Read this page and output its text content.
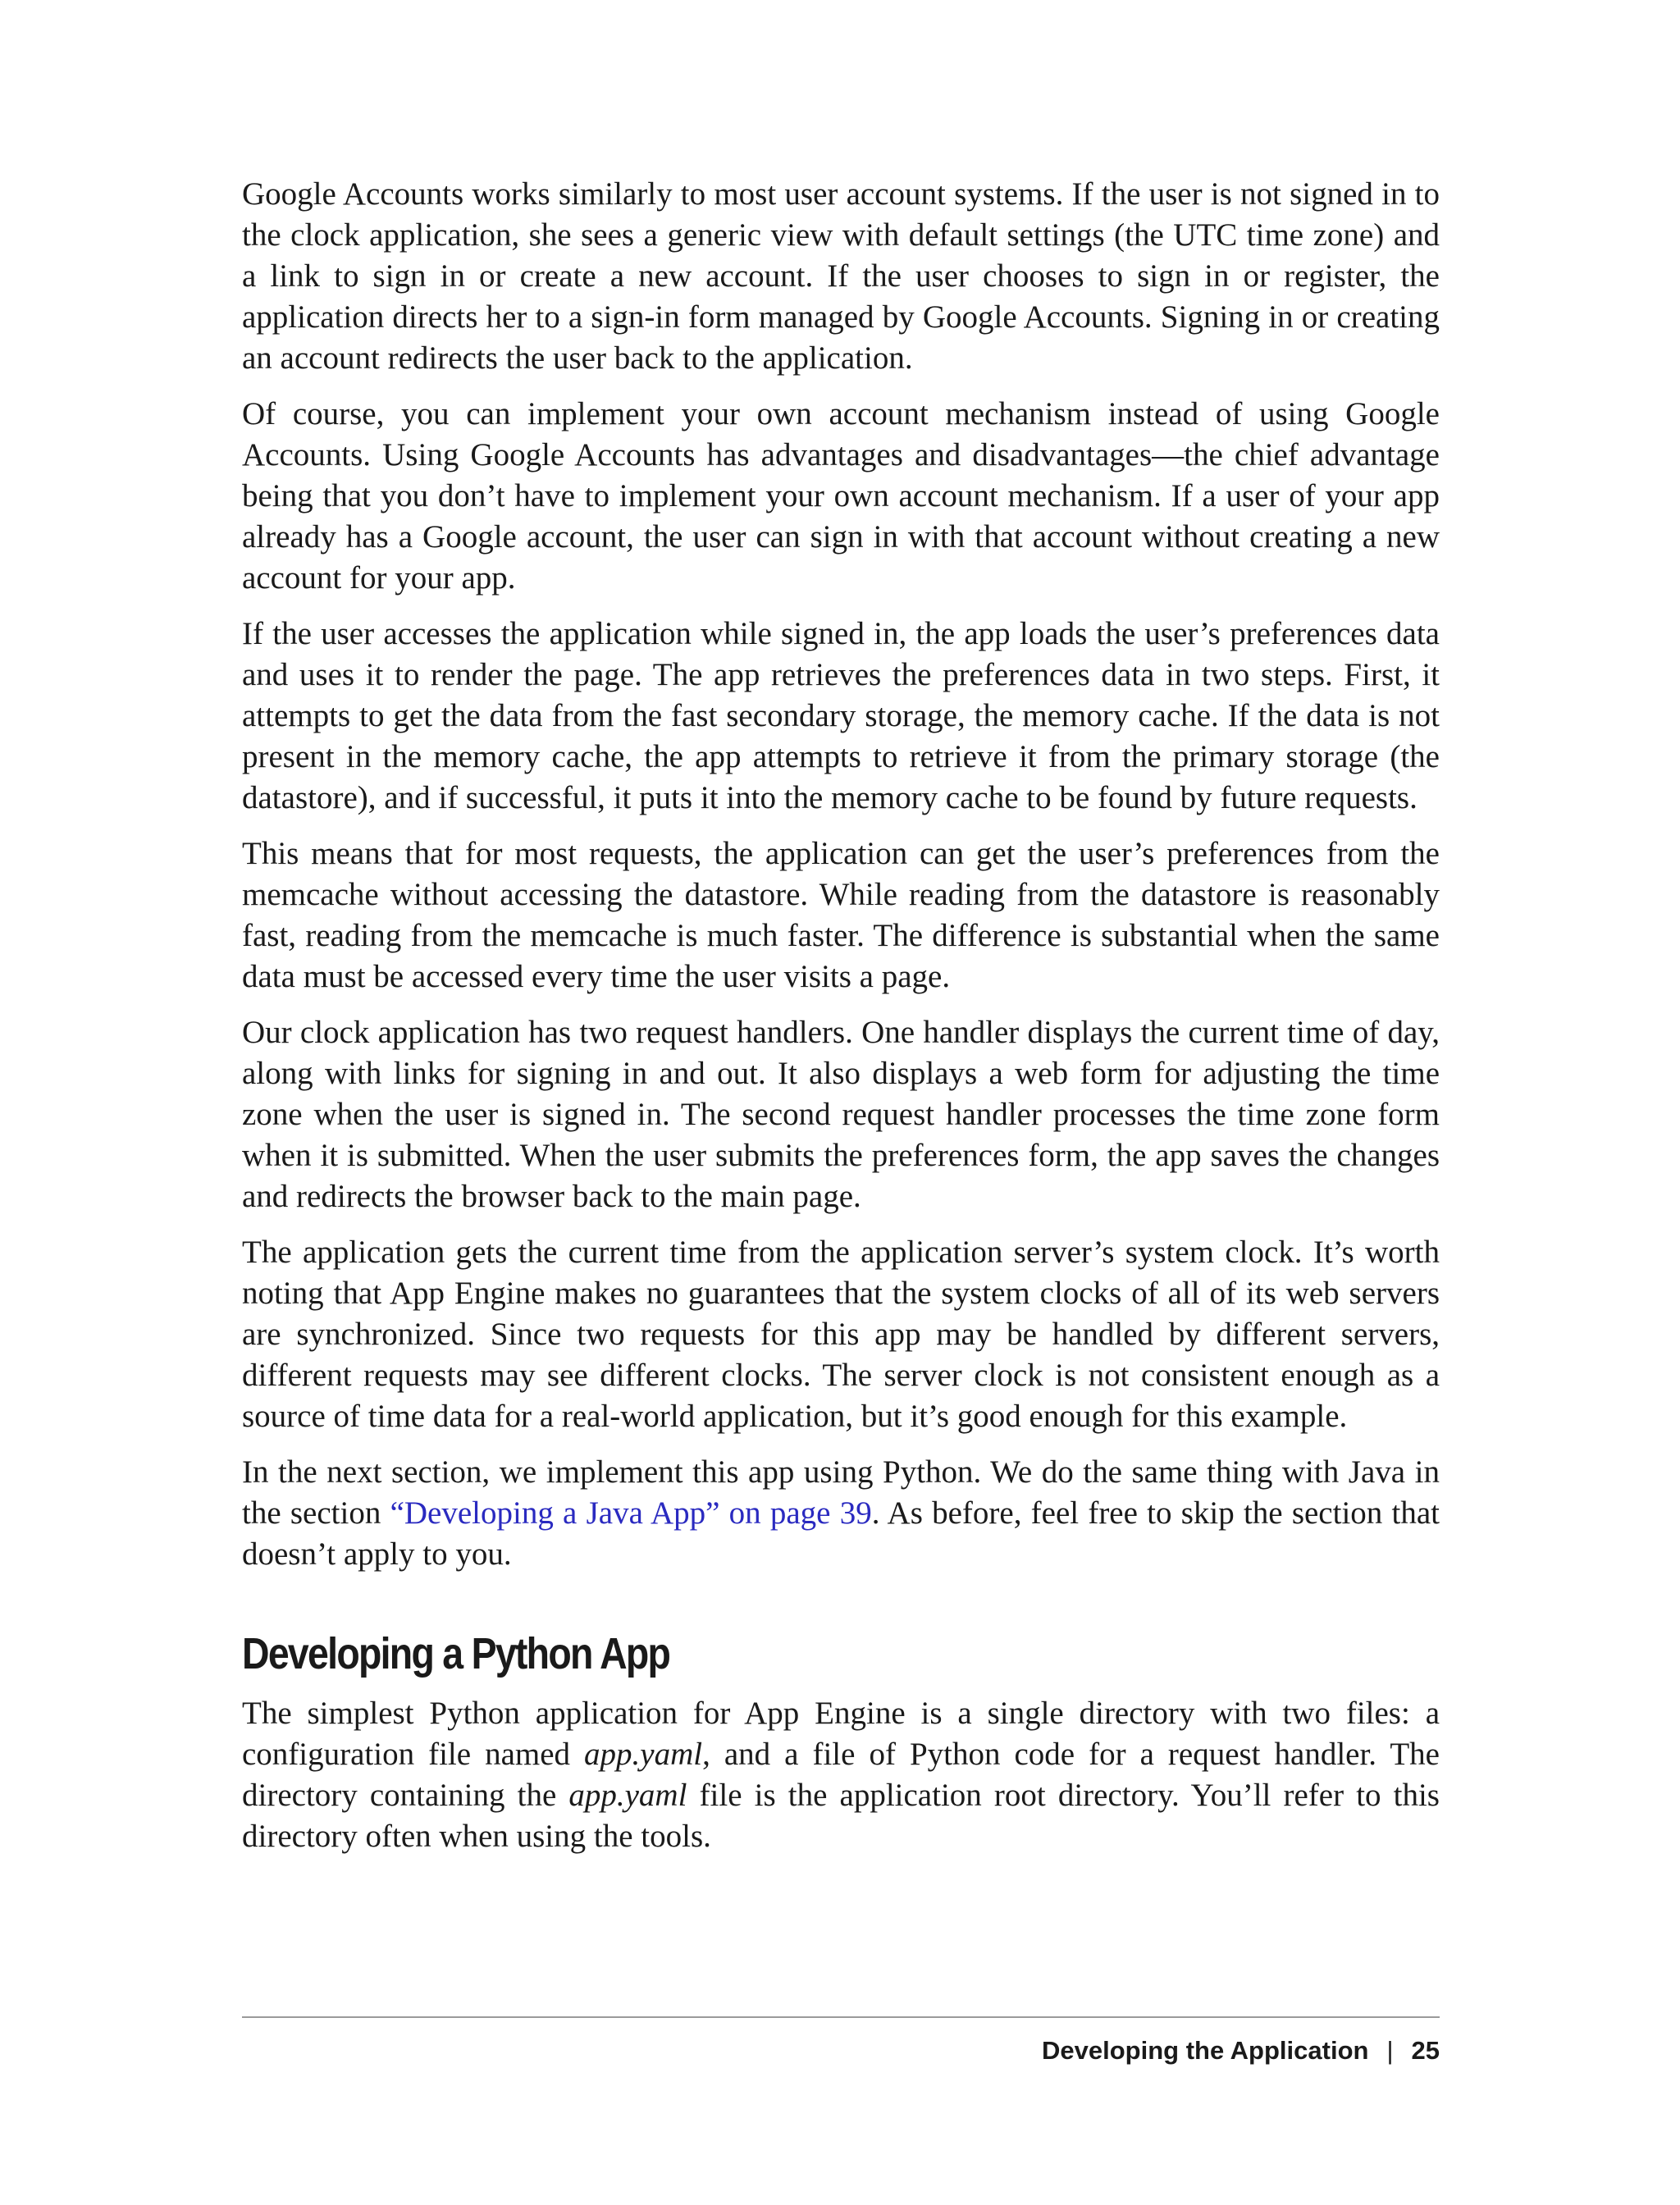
Google Accounts works similarly to most user account systems. If the user is not signed in to the clock application, she sees a generic view with default settings (the UTC time zone) and a link to sign in or create a new account. If the user chooses to sign in or register, the application directs her to a sign-in form managed by Google Accounts. Signing in or creating an account redirects the user back to the application.

Of course, you can implement your own account mechanism instead of using Google Accounts. Using Google Accounts has advantages and disadvantages—the chief advantage being that you don’t have to implement your own account mechanism. If a user of your app already has a Google account, the user can sign in with that account without creating a new account for your app.

If the user accesses the application while signed in, the app loads the user’s preferences data and uses it to render the page. The app retrieves the preferences data in two steps. First, it attempts to get the data from the fast secondary storage, the memory cache. If the data is not present in the memory cache, the app attempts to retrieve it from the primary storage (the datastore), and if successful, it puts it into the memory cache to be found by future requests.

This means that for most requests, the application can get the user’s preferences from the memcache without accessing the datastore. While reading from the datastore is reasonably fast, reading from the memcache is much faster. The difference is substantial when the same data must be accessed every time the user visits a page.

Our clock application has two request handlers. One handler displays the current time of day, along with links for signing in and out. It also displays a web form for adjusting the time zone when the user is signed in. The second request handler processes the time zone form when it is submitted. When the user submits the preferences form, the app saves the changes and redirects the browser back to the main page.

The application gets the current time from the application server’s system clock. It’s worth noting that App Engine makes no guarantees that the system clocks of all of its web servers are synchronized. Since two requests for this app may be handled by different servers, different requests may see different clocks. The server clock is not consistent enough as a source of time data for a real-world application, but it’s good enough for this example.

In the next section, we implement this app using Python. We do the same thing with Java in the section “Developing a Java App” on page 39. As before, feel free to skip the section that doesn’t apply to you.

Developing a Python App

The simplest Python application for App Engine is a single directory with two files: a configuration file named app.yaml, and a file of Python code for a request handler. The directory containing the app.yaml file is the application root directory. You’ll refer to this directory often when using the tools.

Developing the Application | 25
